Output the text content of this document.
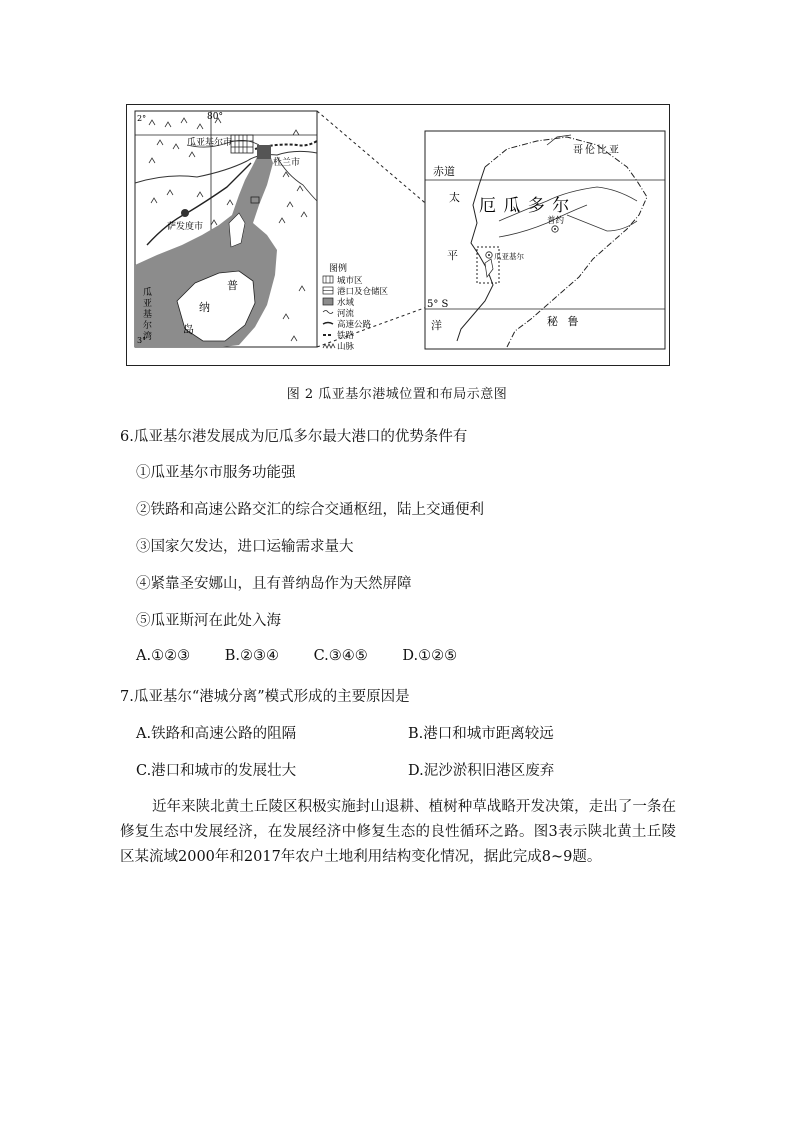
80°
2°
3°
瓜亚基尔市
杜兰市
萨发度市
普
纳
岛
瓜
亚
基
尔
湾
图例
城市区
港口及仓储区
水域
河流
高速公路
铁路
山脉
哥伦比亚
赤道
太
平
洋
厄 瓜 多 尔
普约
瓜亚基尔
5° S
秘 鲁
图 2 瓜亚基尔港城位置和布局示意图
6.瓜亚基尔港发展成为厄瓜多尔最大港口的优势条件有
①瓜亚基尔市服务功能强
②铁路和高速公路交汇的综合交通枢纽，陆上交通便利
③国家欠发达，进口运输需求量大
④紧靠圣安娜山，且有普纳岛作为天然屏障
⑤瓜亚斯河在此处入海
A.①②③ B.②③④ C.③④⑤ D.①②⑤
7.瓜亚基尔“港城分离”模式形成的主要原因是
A.铁路和高速公路的阻隔	B.港口和城市距离较远
C.港口和城市的发展壮大	D.泥沙淤积旧港区废弃
近年来陕北黄土丘陵区积极实施封山退耕、植树种草战略开发决策，走出了一条在修复生态中发展经济，在发展经济中修复生态的良性循环之路。图3表示陕北黄土丘陵区某流域2000年和2017年农户土地利用结构变化情况，据此完成8~9题。
